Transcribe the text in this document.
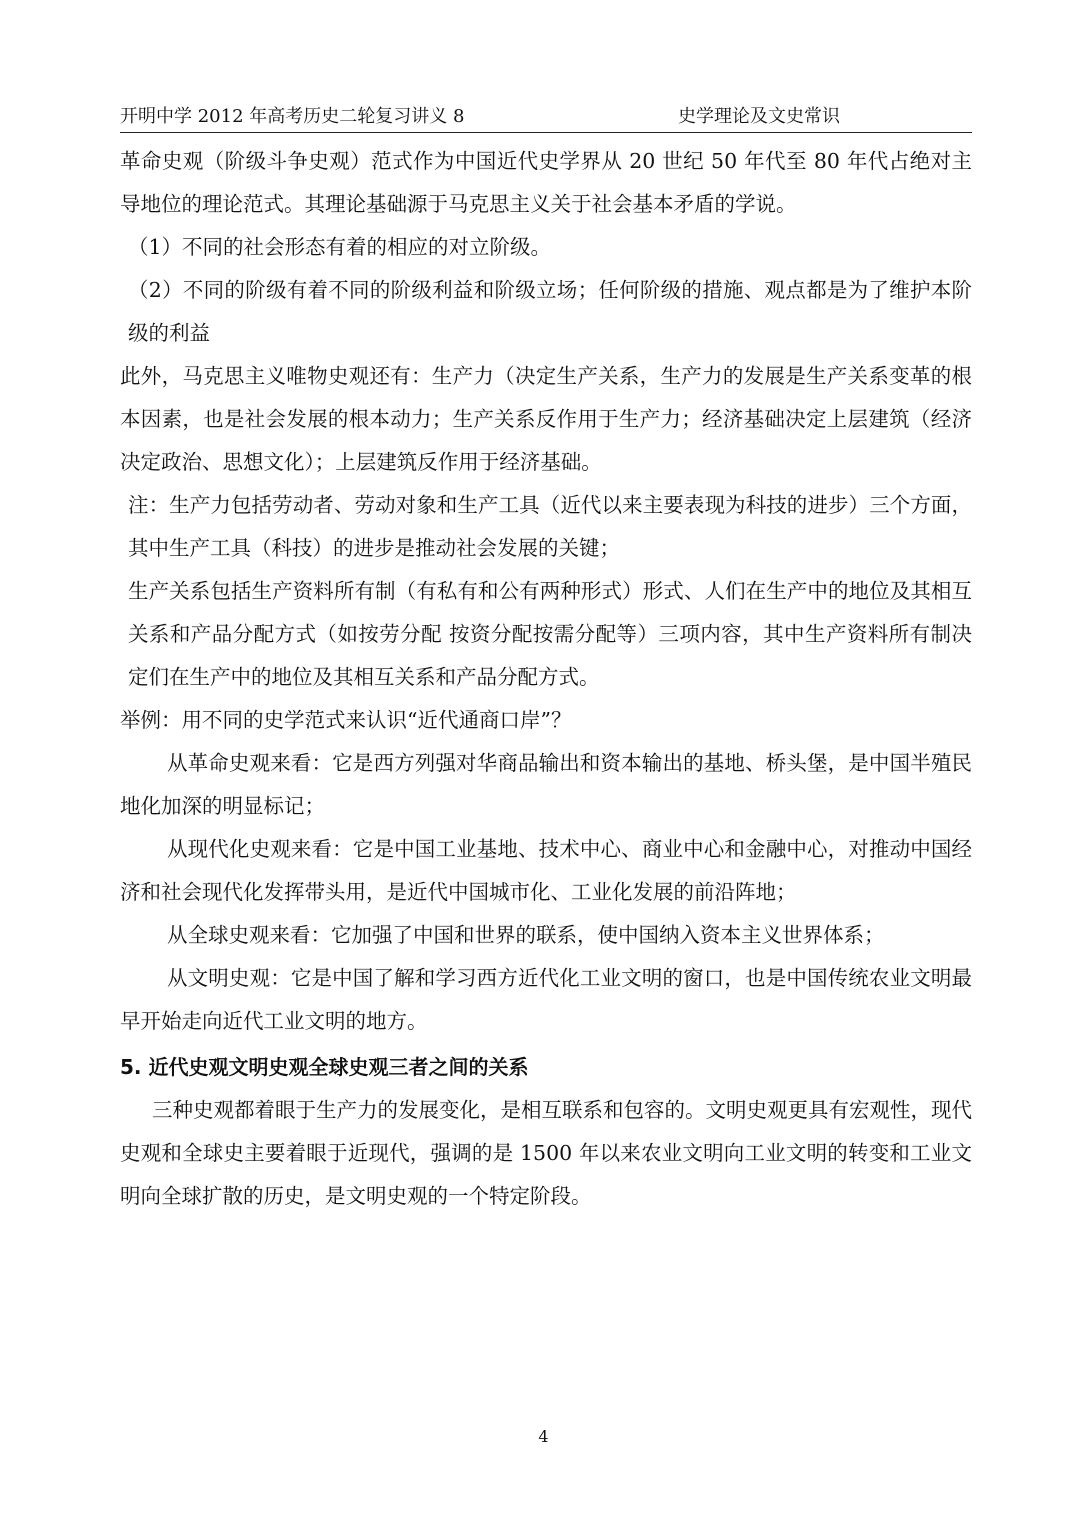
开明中学 2012 年高考历史二轮复习讲义 8	史学理论及文史常识

革命史观（阶级斗争史观）范式作为中国近代史学界从 20 世纪 50 年代至 80 年代占绝对主导地位的理论范式。其理论基础源于马克思主义关于社会基本矛盾的学说。

（1）不同的社会形态有着的相应的对立阶级。

（2）不同的阶级有着不同的阶级利益和阶级立场；任何阶级的措施、观点都是为了维护本阶级的利益

此外，马克思主义唯物史观还有：生产力（决定生产关系，生产力的发展是生产关系变革的根本因素，也是社会发展的根本动力；生产关系反作用于生产力；经济基础决定上层建筑（经济决定政治、思想文化）；上层建筑反作用于经济基础。

注：生产力包括劳动者、劳动对象和生产工具（近代以来主要表现为科技的进步）三个方面，其中生产工具（科技）的进步是推动社会发展的关键；

生产关系包括生产资料所有制（有私有和公有两种形式）形式、人们在生产中的地位及其相互关系和产品分配方式（如按劳分配 按资分配按需分配等）三项内容，其中生产资料所有制决定们在生产中的地位及其相互关系和产品分配方式。

举例：用不同的史学范式来认识“近代通商口岸”？

从革命史观来看：它是西方列强对华商品输出和资本输出的基地、桥头堡，是中国半殖民地化加深的明显标记；

从现代化史观来看：它是中国工业基地、技术中心、商业中心和金融中心，对推动中国经济和社会现代化发挥带头用，是近代中国城市化、工业化发展的前沿阵地；

从全球史观来看：它加强了中国和世界的联系，使中国纳入资本主义世界体系；

从文明史观：它是中国了解和学习西方近代化工业文明的窗口，也是中国传统农业文明最早开始走向近代工业文明的地方。

5. 近代史观文明史观全球史观三者之间的关系

三种史观都着眼于生产力的发展变化，是相互联系和包容的。文明史观更具有宏观性，现代史观和全球史主要着眼于近现代，强调的是 1500 年以来农业文明向工业文明的转变和工业文明向全球扩散的历史，是文明史观的一个特定阶段。

4
